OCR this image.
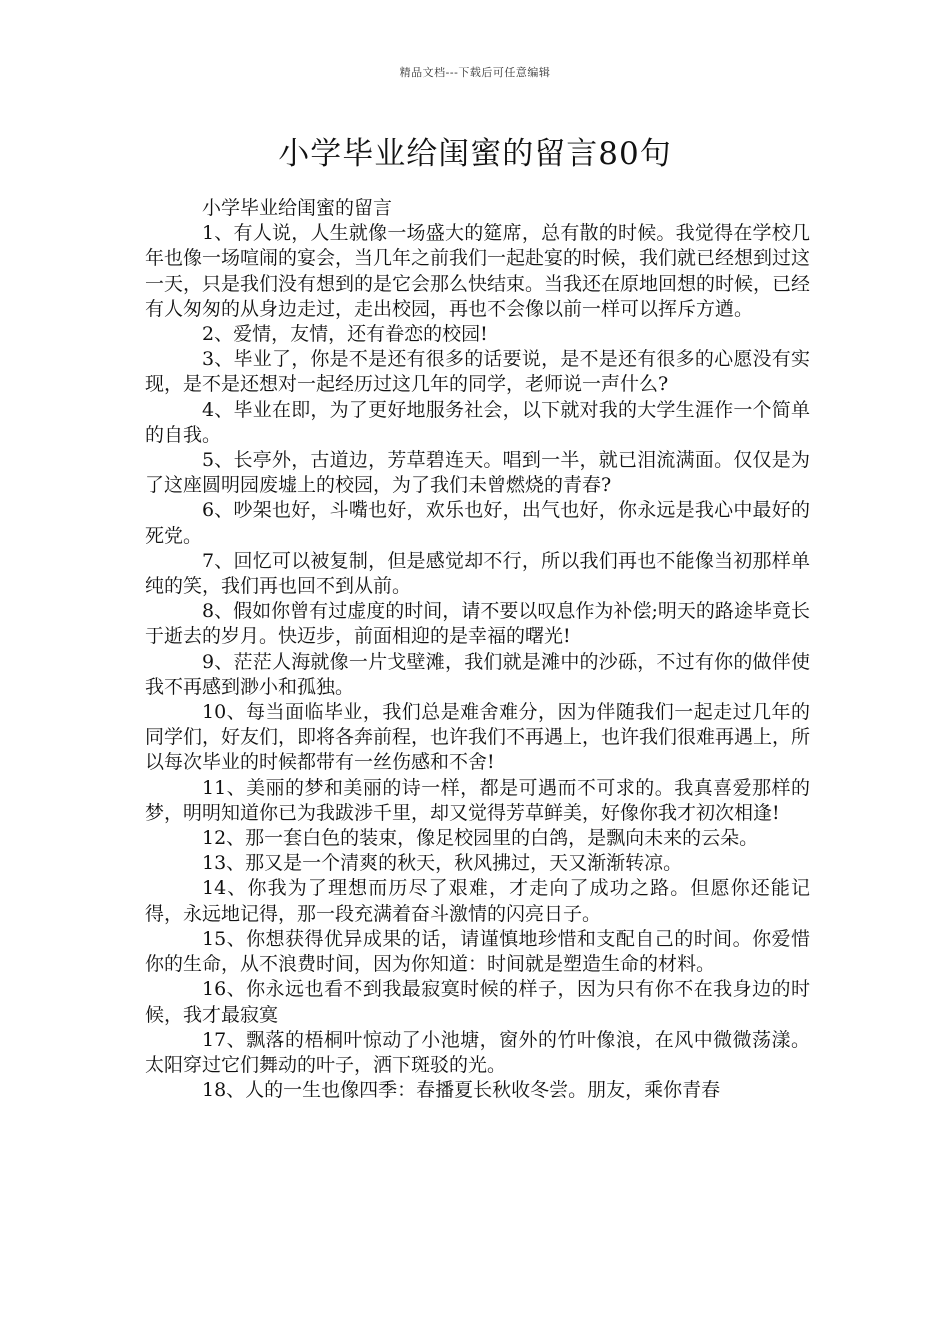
精品文档---下载后可任意编辑
小学毕业给闺蜜的留言80句

小学毕业给闺蜜的留言

1、有人说，人生就像一场盛大的筵席，总有散的时候。我觉得在学校几年也像一场喧闹的宴会，当几年之前我们一起赴宴的时候，我们就已经想到过这一天，只是我们没有想到的是它会那么快结束。当我还在原地回想的时候，已经有人匆匆的从身边走过，走出校园，再也不会像以前一样可以挥斥方遒。

2、爱情，友情，还有眷恋的校园!

3、毕业了，你是不是还有很多的话要说，是不是还有很多的心愿没有实现，是不是还想对一起经历过这几年的同学，老师说一声什么?

4、毕业在即，为了更好地服务社会，以下就对我的大学生涯作一个简单的自我。

5、长亭外，古道边，芳草碧连天。唱到一半，就已泪流满面。仅仅是为了这座圆明园废墟上的校园，为了我们未曾燃烧的青春?

6、吵架也好，斗嘴也好，欢乐也好，出气也好，你永远是我心中最好的死党。

7、回忆可以被复制，但是感觉却不行，所以我们再也不能像当初那样单纯的笑，我们再也回不到从前。

8、假如你曾有过虚度的时间，请不要以叹息作为补偿;明天的路途毕竟长于逝去的岁月。快迈步，前面相迎的是幸福的曙光!

9、茫茫人海就像一片戈壁滩，我们就是滩中的沙砾，不过有你的做伴使我不再感到渺小和孤独。

10、每当面临毕业，我们总是难舍难分，因为伴随我们一起走过几年的同学们，好友们，即将各奔前程，也许我们不再遇上，也许我们很难再遇上，所以每次毕业的时候都带有一丝伤感和不舍!

11、美丽的梦和美丽的诗一样，都是可遇而不可求的。我真喜爱那样的梦，明明知道你已为我跋涉千里，却又觉得芳草鲜美，好像你我才初次相逢!

12、那一套白色的装束，像足校园里的白鸽，是飘向未来的云朵。

13、那又是一个清爽的秋天，秋风拂过，天又渐渐转凉。

14、你我为了理想而历尽了艰难，才走向了成功之路。但愿你还能记得，永远地记得，那一段充满着奋斗激情的闪亮日子。

15、你想获得优异成果的话，请谨慎地珍惜和支配自己的时间。你爱惜你的生命，从不浪费时间，因为你知道：时间就是塑造生命的材料。

16、你永远也看不到我最寂寞时候的样子，因为只有你不在我身边的时候，我才最寂寞

17、飘落的梧桐叶惊动了小池塘，窗外的竹叶像浪，在风中微微荡漾。太阳穿过它们舞动的叶子，洒下斑驳的光。

18、人的一生也像四季：春播夏长秋收冬尝。朋友，乘你青春
